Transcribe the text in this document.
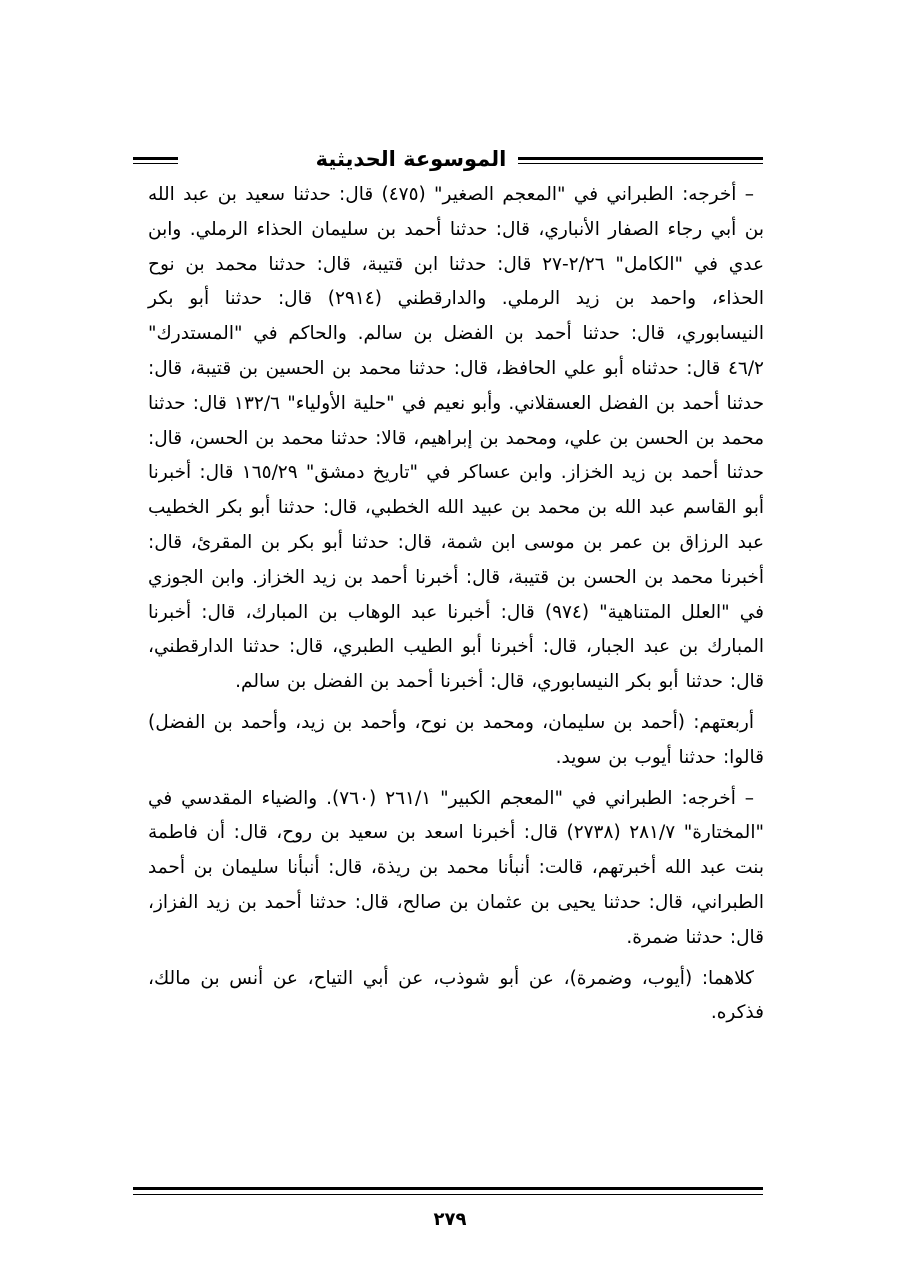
الموسوعة الحديثية

– أخرجه: الطبراني في "المعجم الصغير" (٤٧٥) قال: حدثنا سعيد بن عبد الله بن أبي رجاء الصفار الأنباري، قال: حدثنا أحمد بن سليمان الحذاء الرملي. وابن عدي في "الكامل" ٢/٢٦-٢٧ قال: حدثنا ابن قتيبة، قال: حدثنا محمد بن نوح الحذاء، واحمد بن زيد الرملي. والدارقطني (٢٩١٤) قال: حدثنا أبو بكر النيسابوري، قال: حدثنا أحمد بن الفضل بن سالم. والحاكم في "المستدرك" ٤٦/٢ قال: حدثناه أبو علي الحافظ، قال: حدثنا محمد بن الحسين بن قتيبة، قال: حدثنا أحمد بن الفضل العسقلاني. وأبو نعيم في "حلية الأولياء" ١٣٢/٦ قال: حدثنا محمد بن الحسن بن علي، ومحمد بن إبراهيم، قالا: حدثنا محمد بن الحسن، قال: حدثنا أحمد بن زيد الخزاز. وابن عساكر في "تاريخ دمشق" ١٦٥/٢٩ قال: أخبرنا أبو القاسم عبد الله بن محمد بن عبيد الله الخطبي، قال: حدثنا أبو بكر الخطيب عبد الرزاق بن عمر بن موسى ابن شمة، قال: حدثنا أبو بكر بن المقرئ، قال: أخبرنا محمد بن الحسن بن قتيبة، قال: أخبرنا أحمد بن زيد الخزاز. وابن الجوزي في "العلل المتناهية" (٩٧٤) قال: أخبرنا عبد الوهاب بن المبارك، قال: أخبرنا المبارك بن عبد الجبار، قال: أخبرنا أبو الطيب الطبري، قال: حدثنا الدارقطني، قال: حدثنا أبو بكر النيسابوري، قال: أخبرنا أحمد بن الفضل بن سالم.

أربعتهم: (أحمد بن سليمان، ومحمد بن نوح، وأحمد بن زيد، وأحمد بن الفضل) قالوا: حدثنا أيوب بن سويد.

– أخرجه: الطبراني في "المعجم الكبير" ٢٦١/١ (٧٦٠). والضياء المقدسي في "المختارة" ٢٨١/٧ (٢٧٣٨) قال: أخبرنا اسعد بن سعيد بن روح، قال: أن فاطمة بنت عبد الله أخبرتهم، قالت: أنبأنا محمد بن ريذة، قال: أنبأنا سليمان بن أحمد الطبراني، قال: حدثنا يحيى بن عثمان بن صالح، قال: حدثنا أحمد بن زيد الفزاز، قال: حدثنا ضمرة.

كلاهما: (أيوب، وضمرة)، عن أبو شوذب، عن أبي التياح، عن أنس بن مالك، فذكره.

٢٧٩
